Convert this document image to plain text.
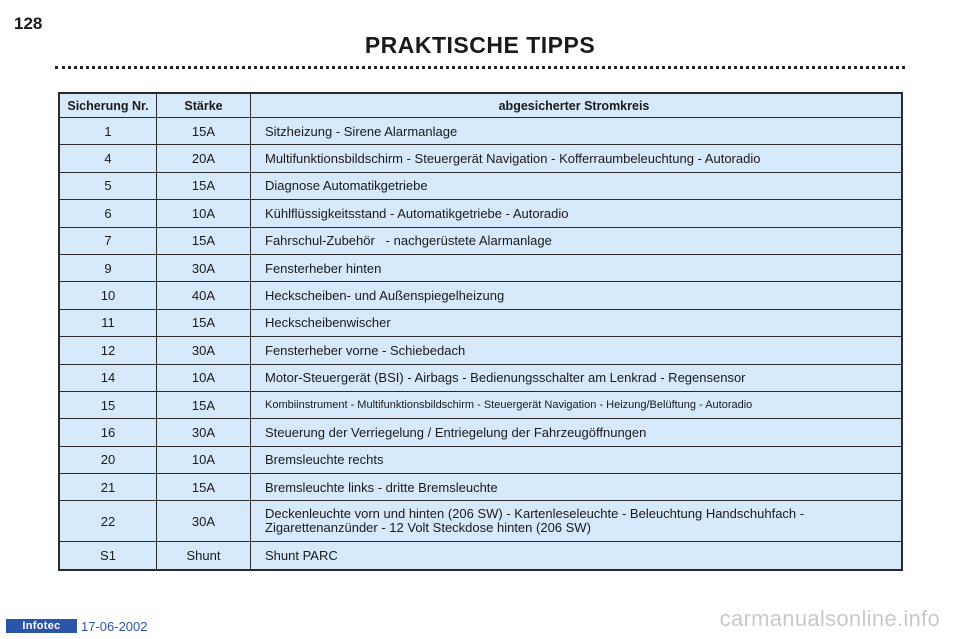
128
PRAKTISCHE TIPPS
Sicherung Nr.	Stärke	abgesicherter Stromkreis
1	15A	Sitzheizung - Sirene Alarmanlage
4	20A	Multifunktionsbildschirm - Steuergerät Navigation - Kofferraumbeleuchtung - Autoradio
5	15A	Diagnose Automatikgetriebe
6	10A	Kühlflüssigkeitsstand - Automatikgetriebe - Autoradio
7	15A	Fahrschul-Zubehör   - nachgerüstete Alarmanlage
9	30A	Fensterheber hinten
10	40A	Heckscheiben- und Außenspiegelheizung
11	15A	Heckscheibenwischer
12	30A	Fensterheber vorne - Schiebedach
14	10A	Motor-Steuergerät (BSI) - Airbags - Bedienungsschalter am Lenkrad - Regensensor
15	15A	Kombiinstrument - Multifunktionsbildschirm - Steuergerät Navigation - Heizung/Belüftung - Autoradio
16	30A	Steuerung der Verriegelung / Entriegelung der Fahrzeugöffnungen
20	10A	Bremsleuchte rechts
21	15A	Bremsleuchte links - dritte Bremsleuchte
22	30A	Deckenleuchte vorn und hinten (206 SW) - Kartenleseleuchte - Beleuchtung Handschuhfach -
Zigarettenanzünder - 12 Volt Steckdose hinten (206 SW)
S1	Shunt	Shunt PARC
Infotec	17-06-2002	carmanualsonline.info
